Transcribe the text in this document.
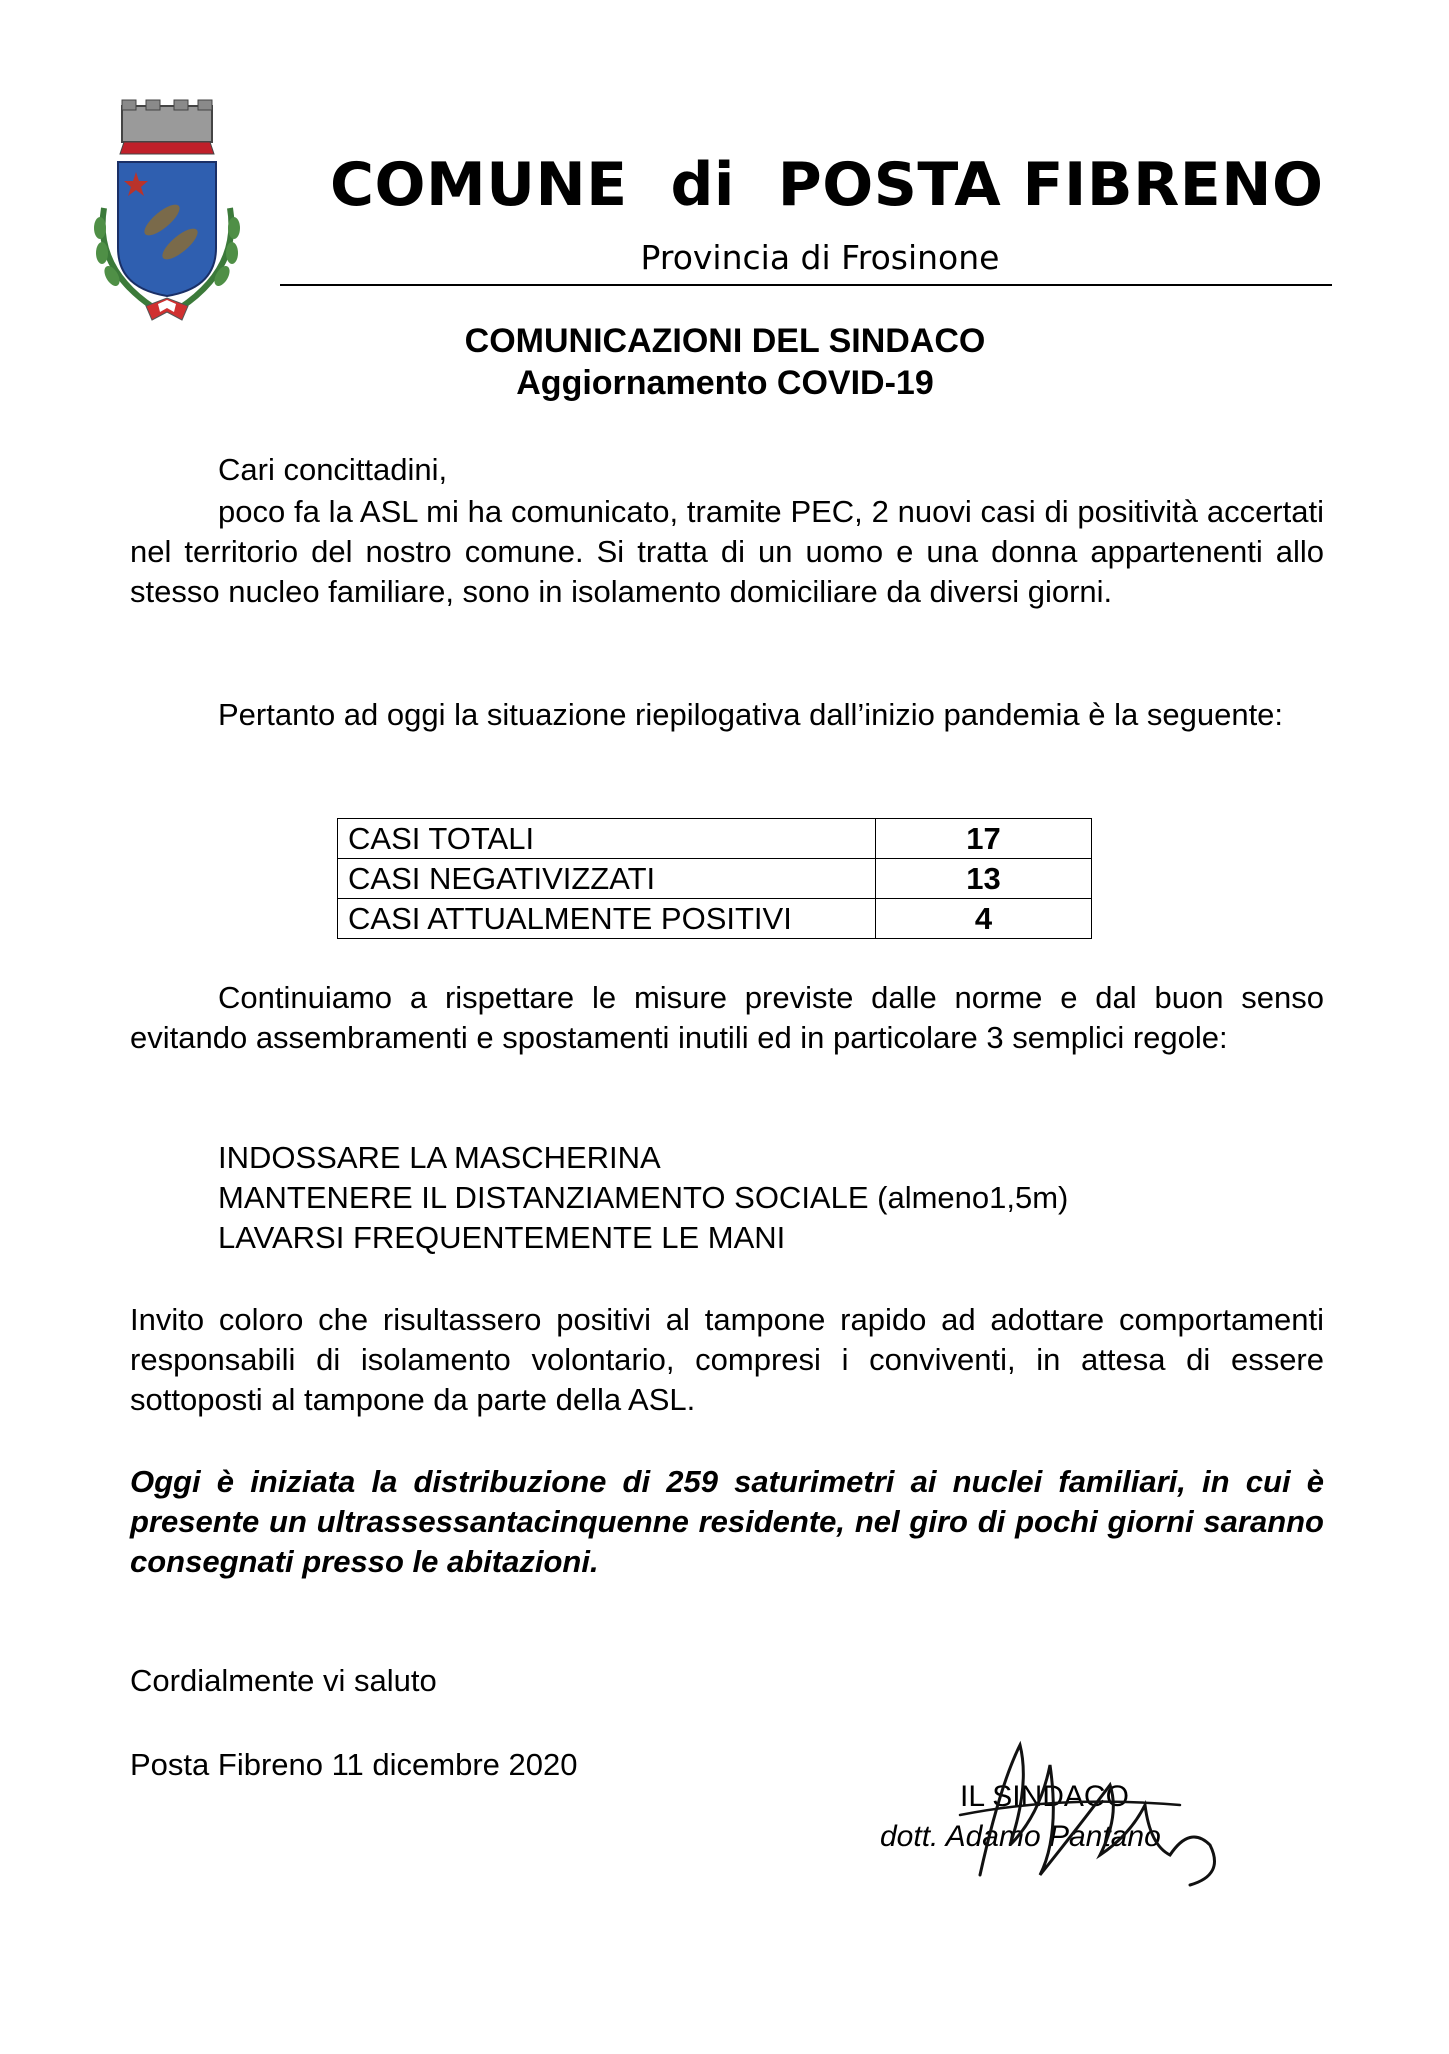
COMUNE  di  POSTA FIBRENO
Provincia di Frosinone
COMUNICAZIONI DEL SINDACO
Aggiornamento COVID-19
Cari concittadini,
poco fa la ASL mi ha comunicato, tramite PEC, 2 nuovi casi di positività accertati nel territorio del nostro comune. Si tratta di un uomo e una donna appartenenti allo stesso nucleo familiare, sono in isolamento domiciliare da diversi giorni.
Pertanto ad oggi la situazione riepilogativa dall’inizio pandemia è la seguente:
CASI TOTALI	17
CASI NEGATIVIZZATI	13
CASI ATTUALMENTE POSITIVI	4
Continuiamo a rispettare le misure previste dalle norme e dal buon senso evitando assembramenti e spostamenti inutili ed in particolare 3 semplici regole:
INDOSSARE LA MASCHERINA
MANTENERE IL DISTANZIAMENTO SOCIALE (almeno1,5m)
LAVARSI FREQUENTEMENTE LE MANI
Invito coloro che risultassero positivi al tampone rapido ad adottare comportamenti responsabili di isolamento volontario, compresi i conviventi, in attesa di essere sottoposti al tampone da parte della ASL.
Oggi è iniziata la distribuzione di 259 saturimetri ai nuclei familiari, in cui è presente un ultrassessantacinquenne residente, nel giro di pochi giorni saranno consegnati presso le abitazioni.
Cordialmente vi saluto
Posta Fibreno 11 dicembre 2020
IL SINDACO
dott. Adamo Pantano
